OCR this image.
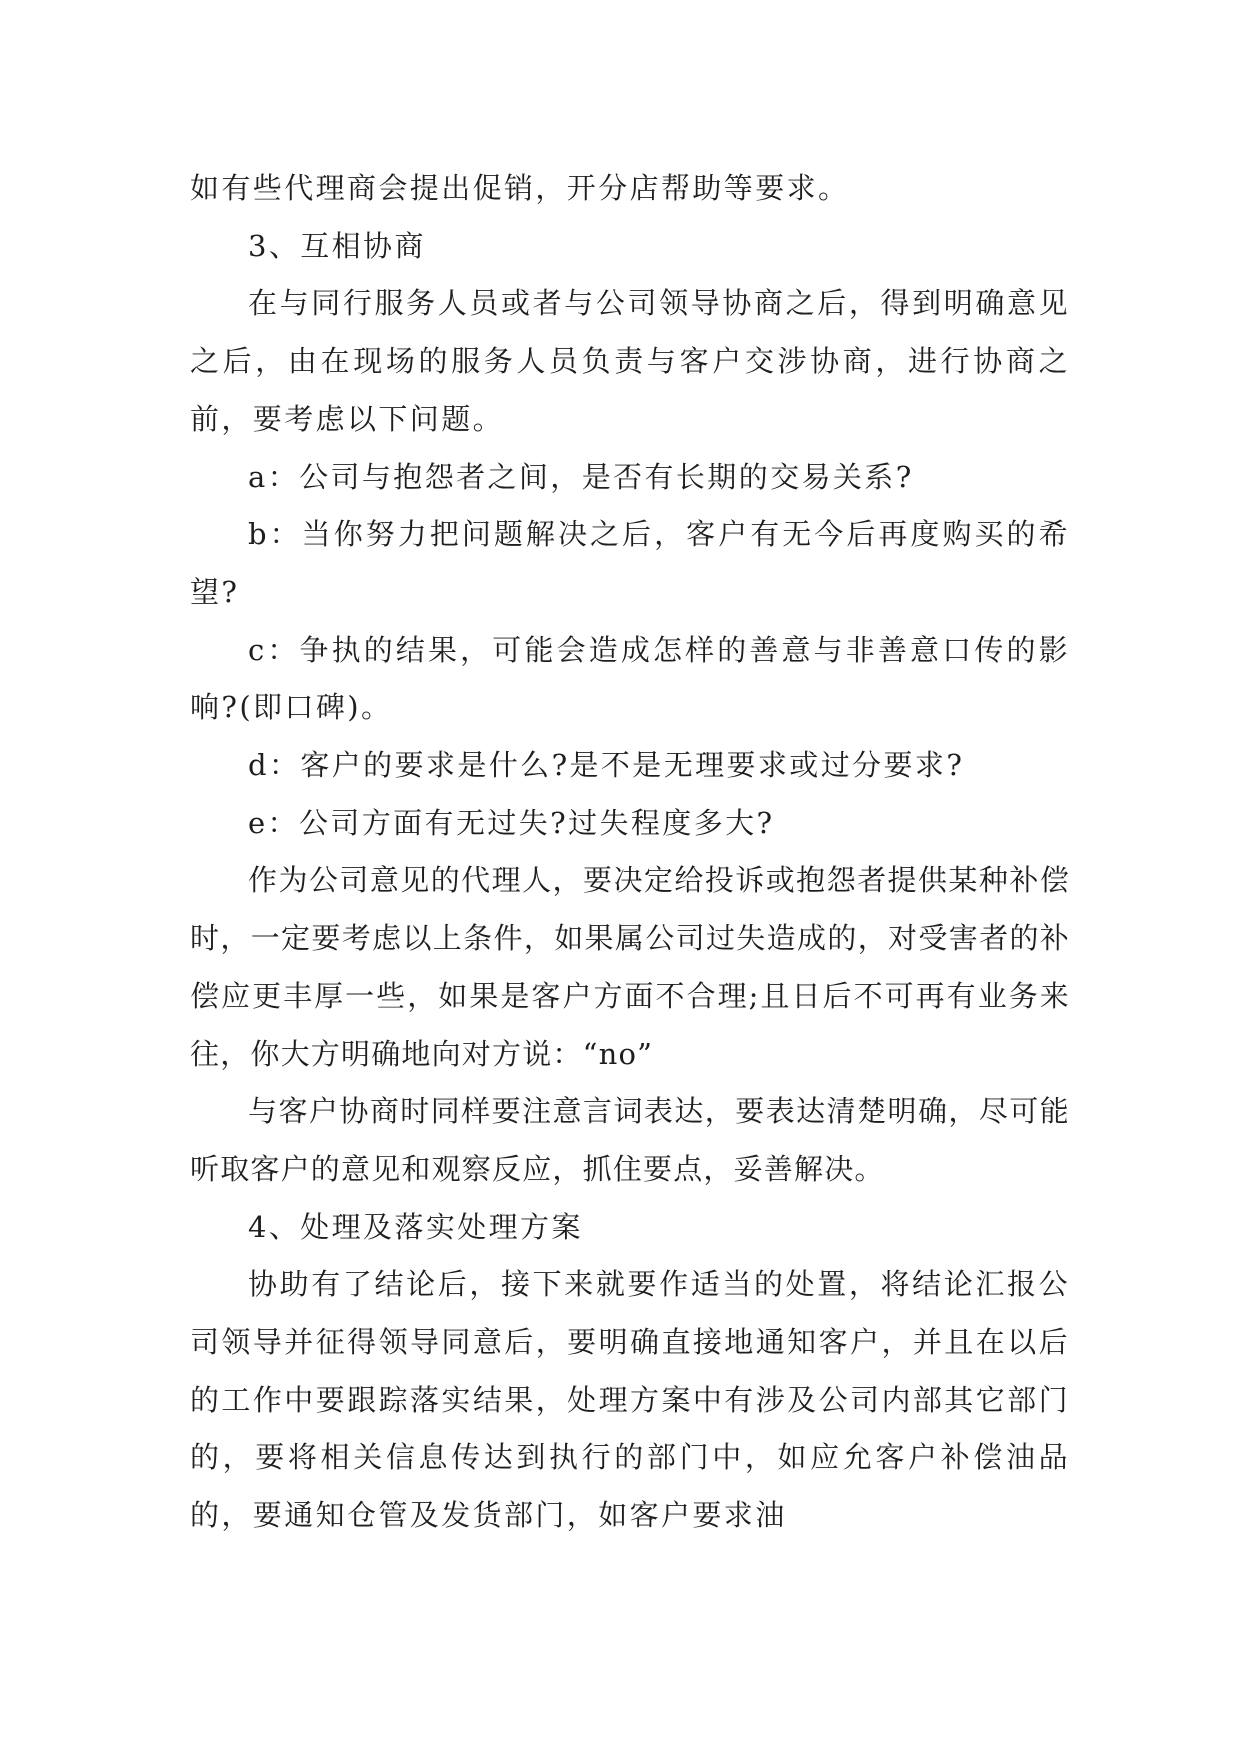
如有些代理商会提出促销，开分店帮助等要求。

3、互相协商

在与同行服务人员或者与公司领导协商之后，得到明确意见之后，由在现场的服务人员负责与客户交涉协商，进行协商之前，要考虑以下问题。

a：公司与抱怨者之间，是否有长期的交易关系?

b：当你努力把问题解决之后，客户有无今后再度购买的希望?

c：争执的结果，可能会造成怎样的善意与非善意口传的影响?(即口碑)。

d：客户的要求是什么?是不是无理要求或过分要求?

e：公司方面有无过失?过失程度多大?

作为公司意见的代理人，要决定给投诉或抱怨者提供某种补偿时，一定要考虑以上条件，如果属公司过失造成的，对受害者的补偿应更丰厚一些，如果是客户方面不合理;且日后不可再有业务来往，你大方明确地向对方说：“no”

与客户协商时同样要注意言词表达，要表达清楚明确，尽可能听取客户的意见和观察反应，抓住要点，妥善解决。

4、处理及落实处理方案

协助有了结论后，接下来就要作适当的处置，将结论汇报公司领导并征得领导同意后，要明确直接地通知客户，并且在以后的工作中要跟踪落实结果，处理方案中有涉及公司内部其它部门的，要将相关信息传达到执行的部门中，如应允客户补偿油品的，要通知仓管及发货部门，如客户要求油
